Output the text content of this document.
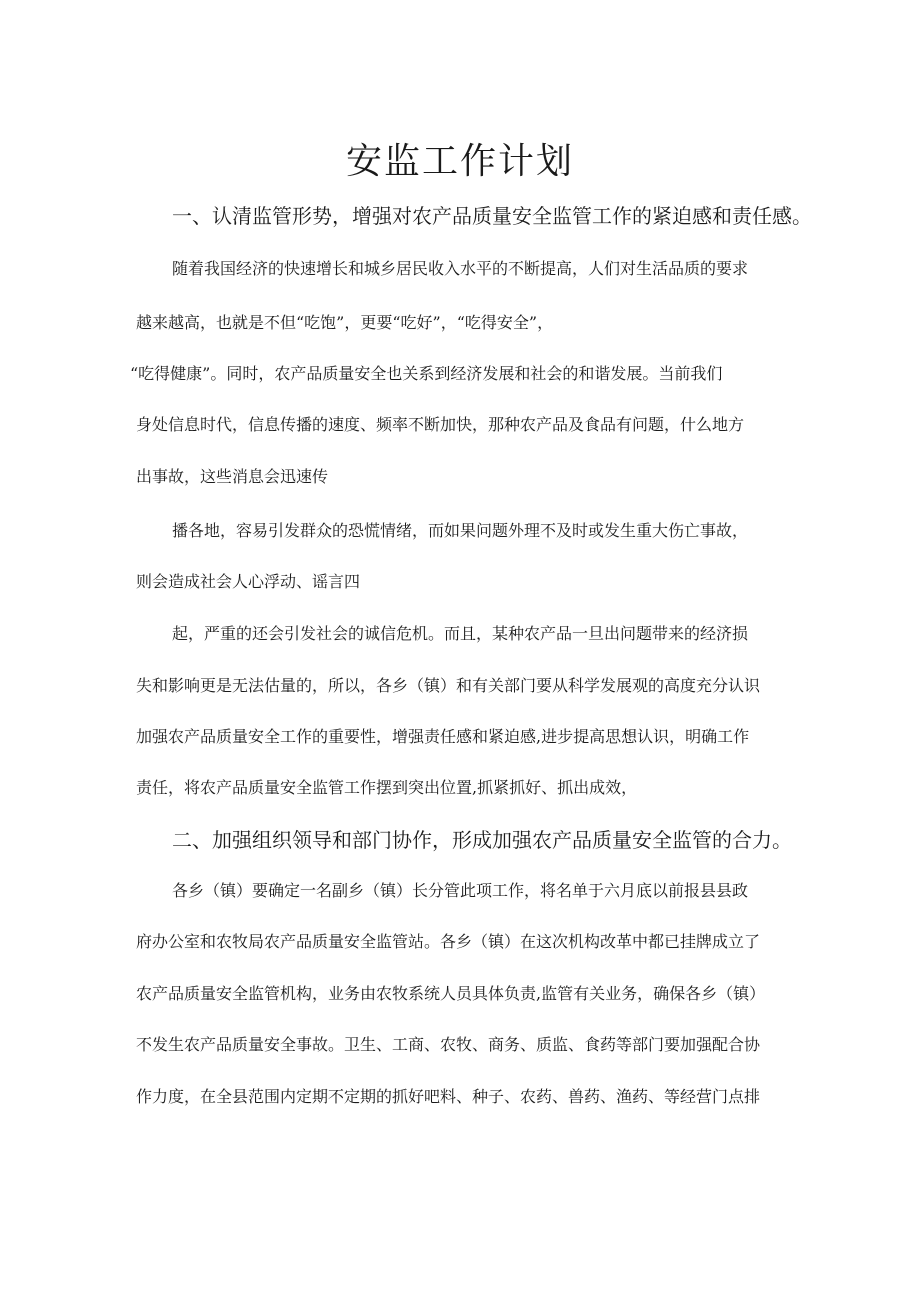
安监工作计划

一、认清监管形势，增强对农产品质量安全监管工作的紧迫感和责任感。

随着我国经济的快速增长和城乡居民收入水平的不断提高，人们对生活品质的要求

越来越高，也就是不但“吃饱”，更要“吃好”，“吃得安全”，

“吃得健康”。同时，农产品质量安全也关系到经济发展和社会的和谐发展。当前我们

身处信息时代，信息传播的速度、频率不断加快，那种农产品及食品有问题，什么地方

出事故，这些消息会迅速传

播各地，容易引发群众的恐慌情绪，而如果问题外理不及时或发生重大伤亡事故，

则会造成社会人心浮动、谣言四

起，严重的还会引发社会的诚信危机。而且，某种农产品一旦出问题带来的经济损

失和影响更是无法估量的，所以，各乡（镇）和有关部门要从科学发展观的高度充分认识

加强农产品质量安全工作的重要性，增强责任感和紧迫感,进步提高思想认识，明确工作

责任，将农产品质量安全监管工作摆到突出位置,抓紧抓好、抓出成效，

二、加强组织领导和部门协作，形成加强农产品质量安全监管的合力。

各乡（镇）要确定一名副乡（镇）长分管此项工作，将名单于六月底以前报县县政

府办公室和农牧局农产品质量安全监管站。各乡（镇）在这次机构改革中都已挂牌成立了

农产品质量安全监管机构，业务由农牧系统人员具体负责,监管有关业务，确保各乡（镇）

不发生农产品质量安全事故。卫生、工商、农牧、商务、质监、食药等部门要加强配合协

作力度，在全县范围内定期不定期的抓好吧料、种子、农药、兽药、渔药、等经营门点排
